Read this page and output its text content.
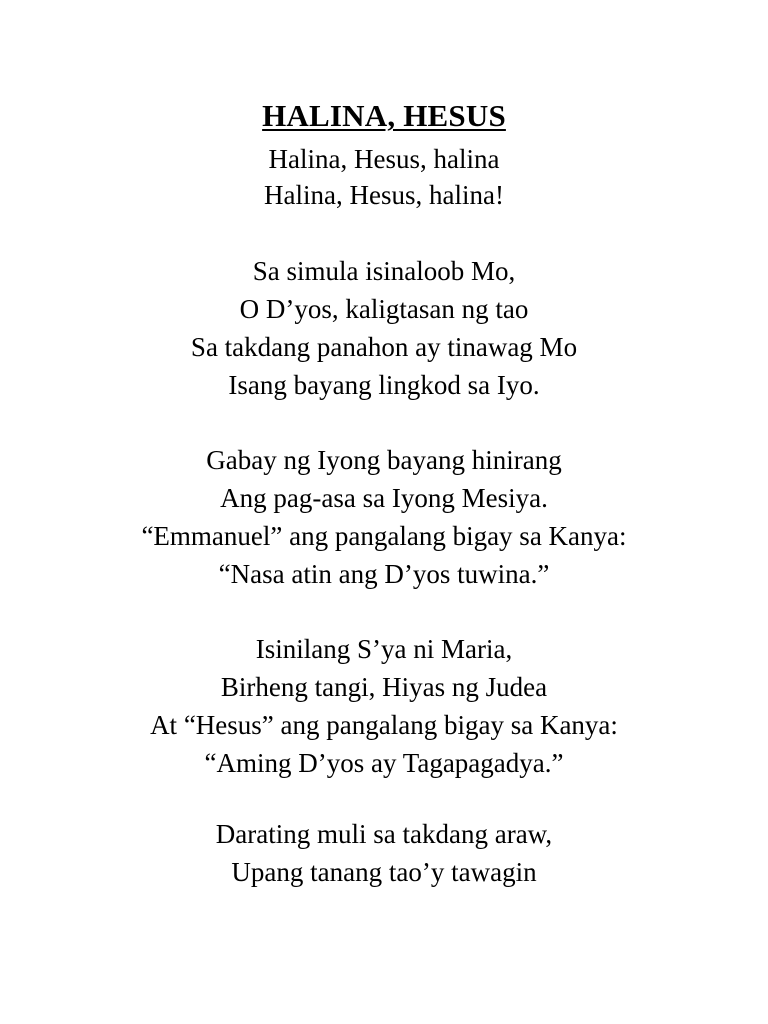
HALINA, HESUS
Halina, Hesus, halina
Halina, Hesus, halina!
Sa simula isinaloob Mo,
O D’yos, kaligtasan ng tao
Sa takdang panahon ay tinawag Mo
Isang bayang lingkod sa Iyo.
Gabay ng Iyong bayang hinirang
Ang pag-asa sa Iyong Mesiya.
“Emmanuel” ang pangalang bigay sa Kanya:
“Nasa atin ang D’yos tuwina.”
Isinilang S’ya ni Maria,
Birheng tangi, Hiyas ng Judea
At “Hesus” ang pangalang bigay sa Kanya:
“Aming D’yos ay Tagapagadya.”
Darating muli sa takdang araw,
Upang tanang tao’y tawagin
